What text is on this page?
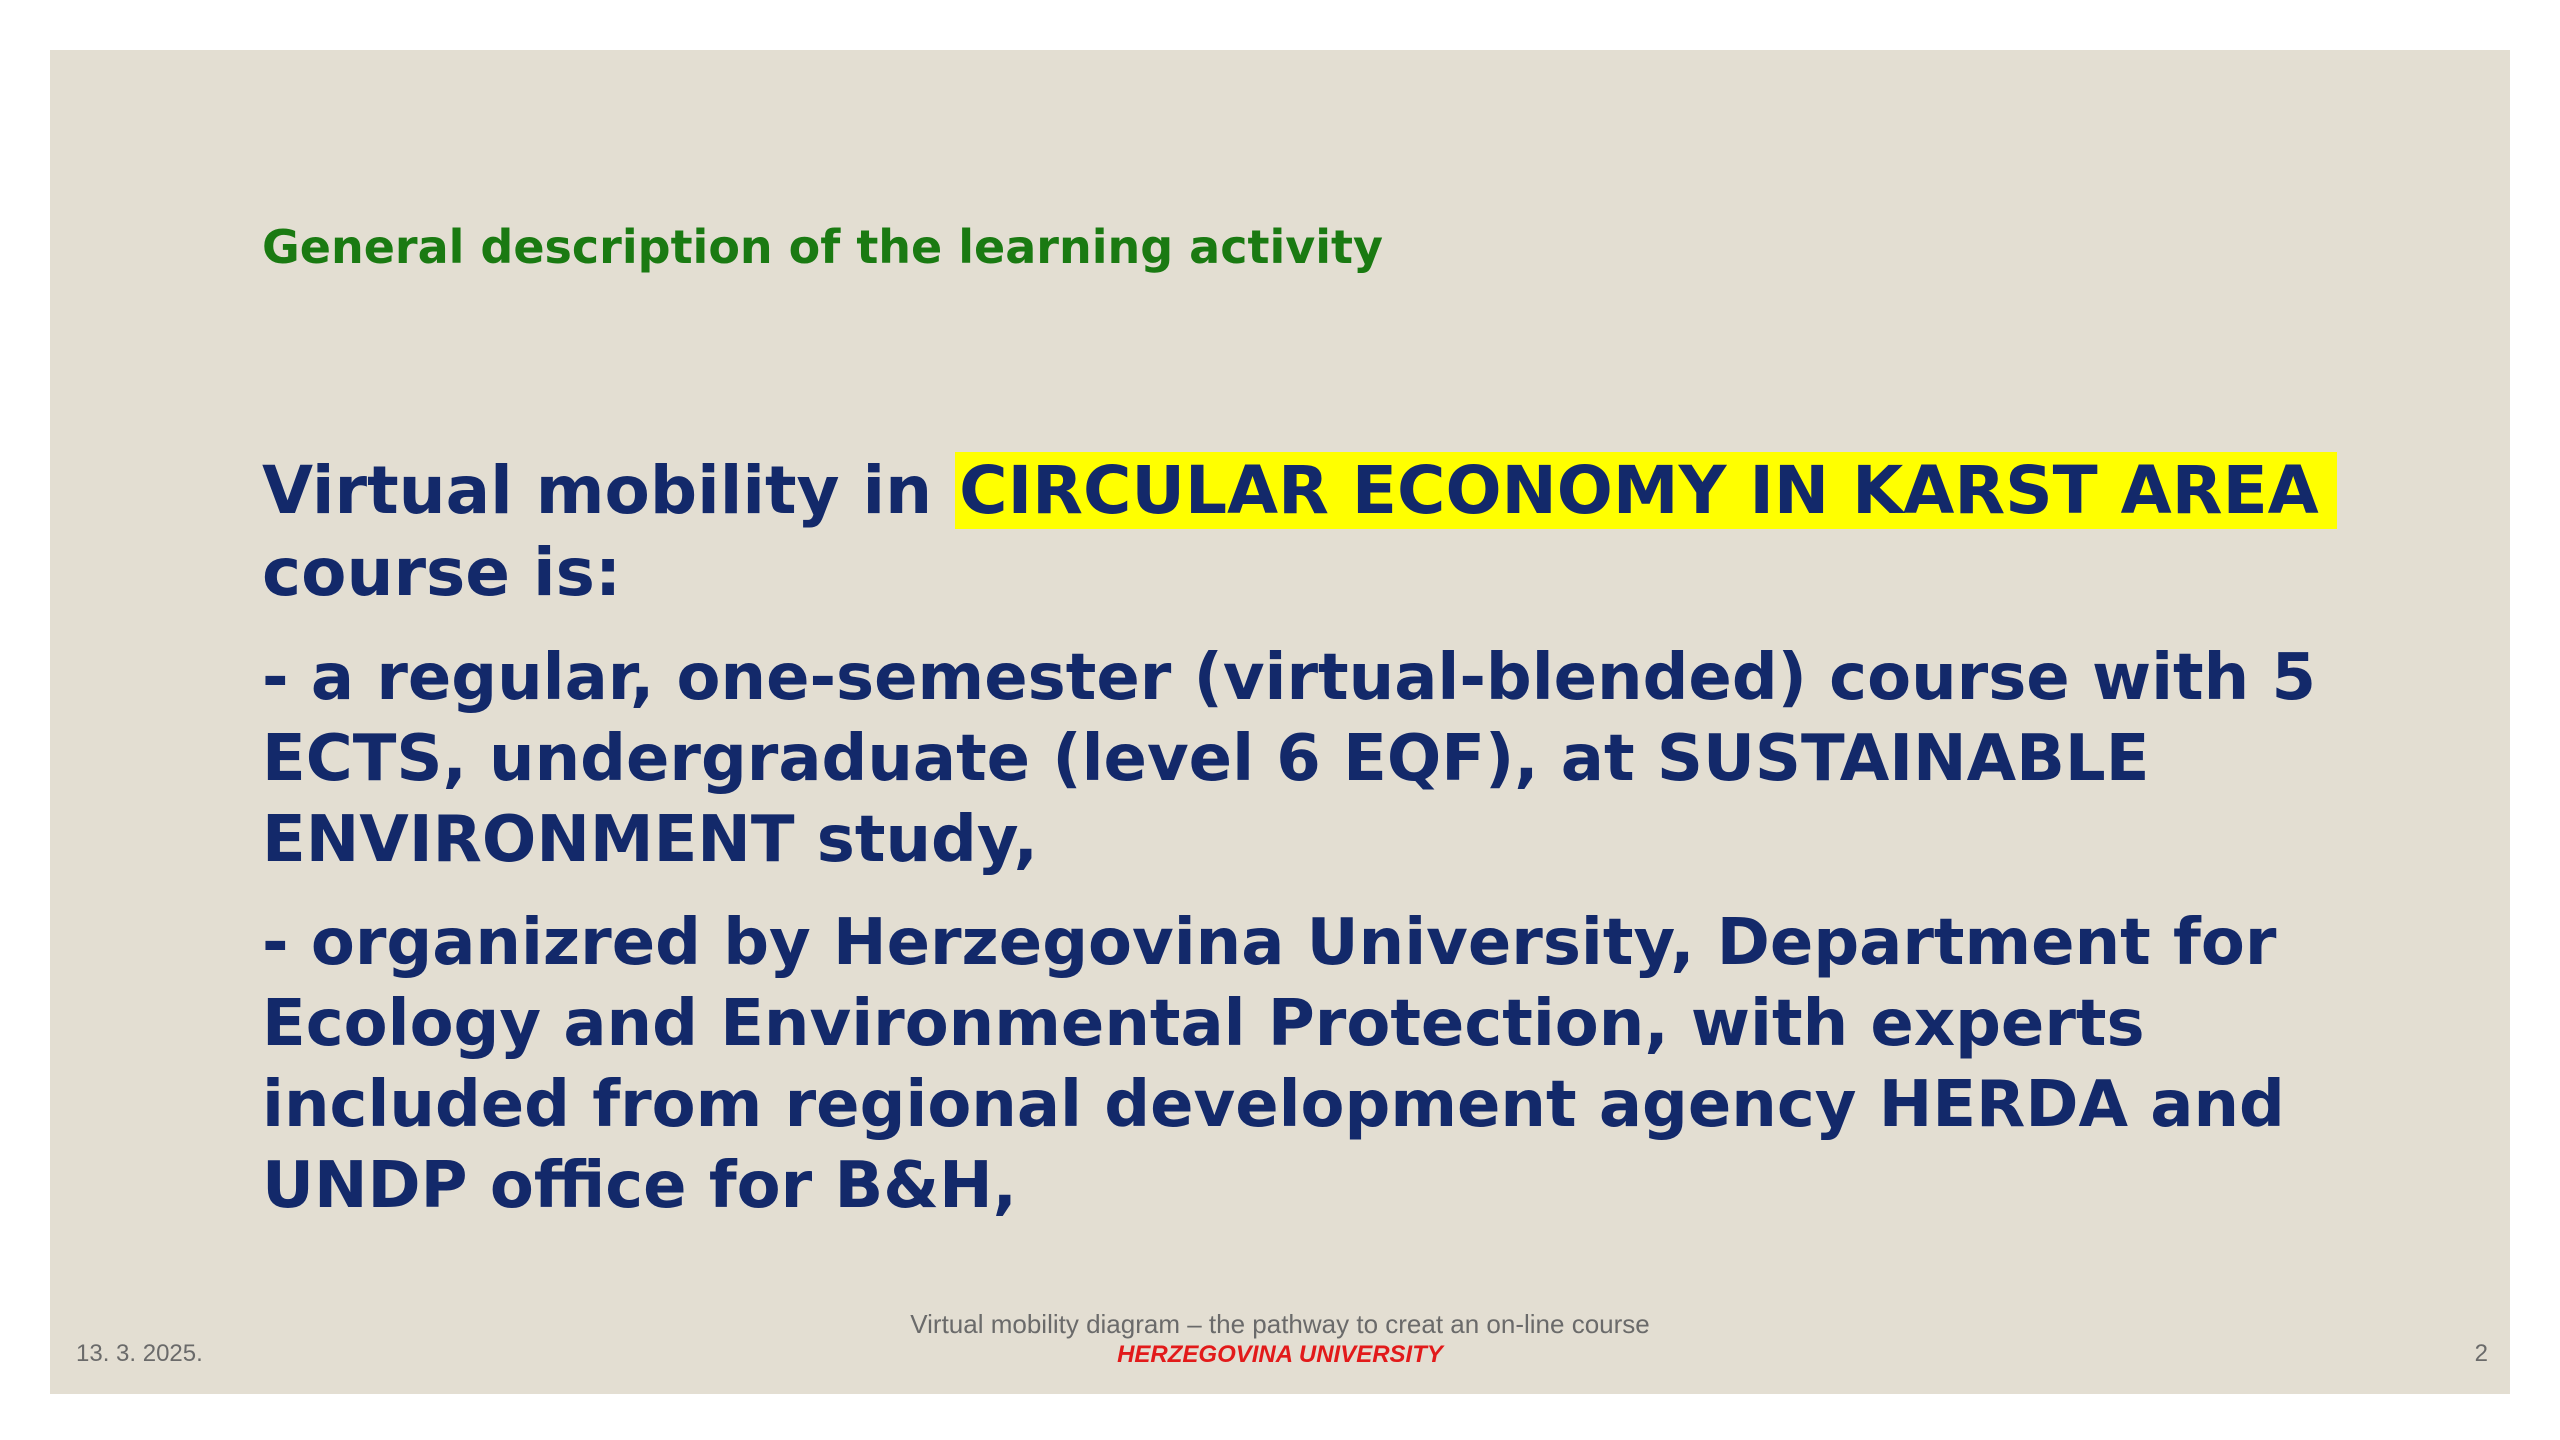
General description of the learning activity

Virtual mobility in CIRCULAR ECONOMY IN KARST AREA
course is:

- a regular, one-semester (virtual-blended) course with 5 ECTS, undergraduate (level 6 EQF), at SUSTAINABLE ENVIRONMENT study,

- organizred by Herzegovina University, Department for Ecology and Environmental Protection, with experts included from regional development agency HERDA and UNDP office for B&H,

13. 3. 2025.
Virtual mobility diagram – the pathway to creat an on-line course
HERZEGOVINA UNIVERSITY	2
